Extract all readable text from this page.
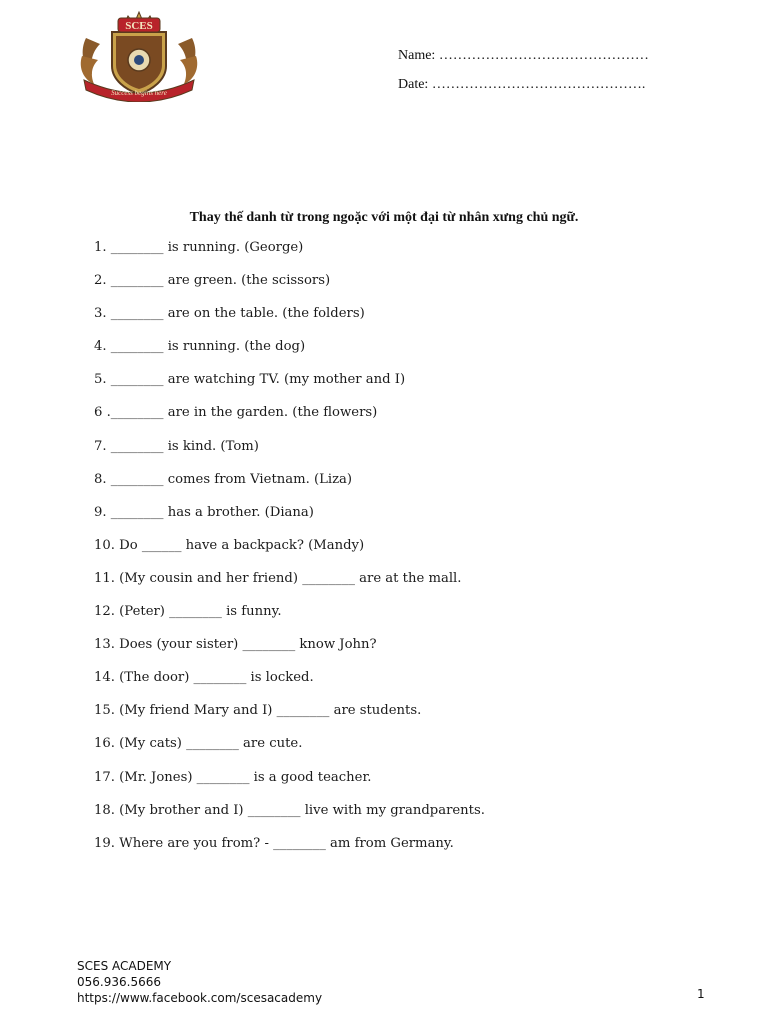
SCES
Success begins here
Name: ………………………………………
Date: ……………………………………….
Thay thế danh từ trong ngoặc với một đại từ nhân xưng chủ ngữ.
1. ________ is running. (George)
2. ________ are green. (the scissors)
3. ________ are on the table. (the folders)
4. ________ is running. (the dog)
5. ________ are watching TV. (my mother and I)
6 .________ are in the garden. (the flowers)
7. ________ is kind. (Tom)
8. ________ comes from Vietnam. (Liza)
9. ________ has a brother. (Diana)
10. Do ______ have a backpack? (Mandy)
11. (My cousin and her friend) ________ are at the mall.
12. (Peter) ________ is funny.
13. Does (your sister) ________ know John?
14. (The door) ________ is locked.
15. (My friend Mary and I) ________ are students.
16. (My cats) ________ are cute.
17. (Mr. Jones) ________ is a good teacher.
18. (My brother and I) ________ live with my grandparents.
19. Where are you from? - ________ am from Germany.
SCES ACADEMY
056.936.5666
https://www.facebook.com/scesacademy	1
